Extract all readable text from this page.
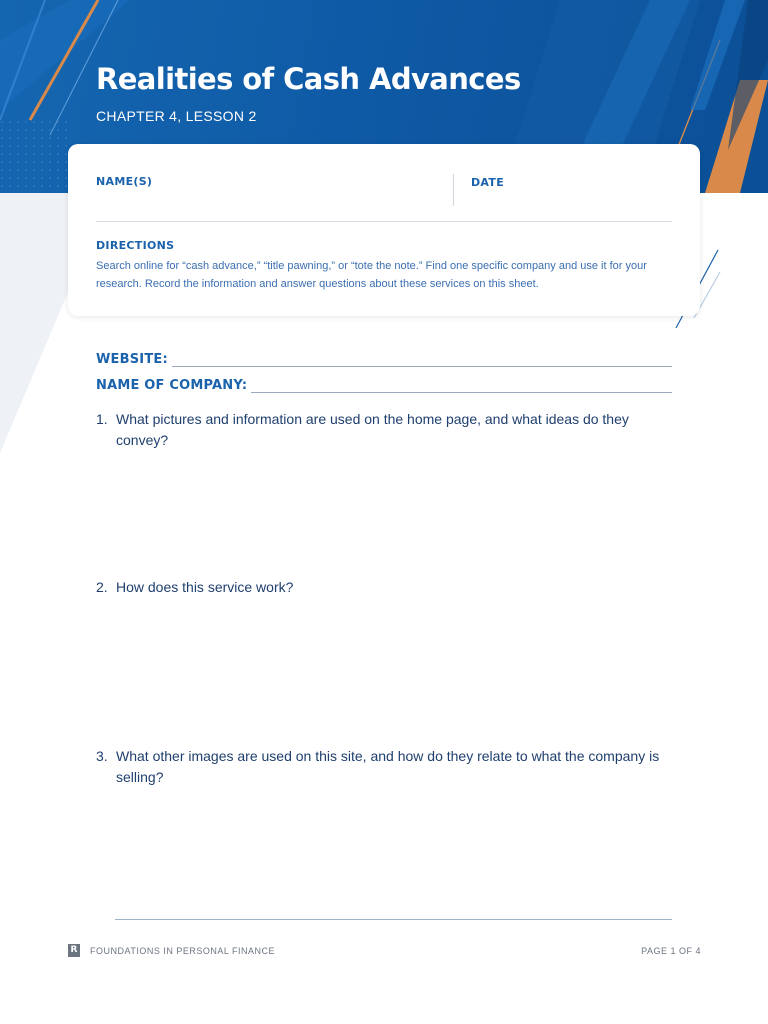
Realities of Cash Advances
CHAPTER 4, LESSON 2
NAME(S)	DATE
DIRECTIONS
Search online for “cash advance,” “title pawning,” or “tote the note.” Find one specific company and use it for your research. Record the information and answer questions about these services on this sheet.
WEBSITE:
NAME OF COMPANY:
1. What pictures and information are used on the home page, and what ideas do they convey?
2. How does this service work?
3. What other images are used on this site, and how do they relate to what the company is selling?
R FOUNDATIONS IN PERSONAL FINANCE	PAGE 1 OF 4
